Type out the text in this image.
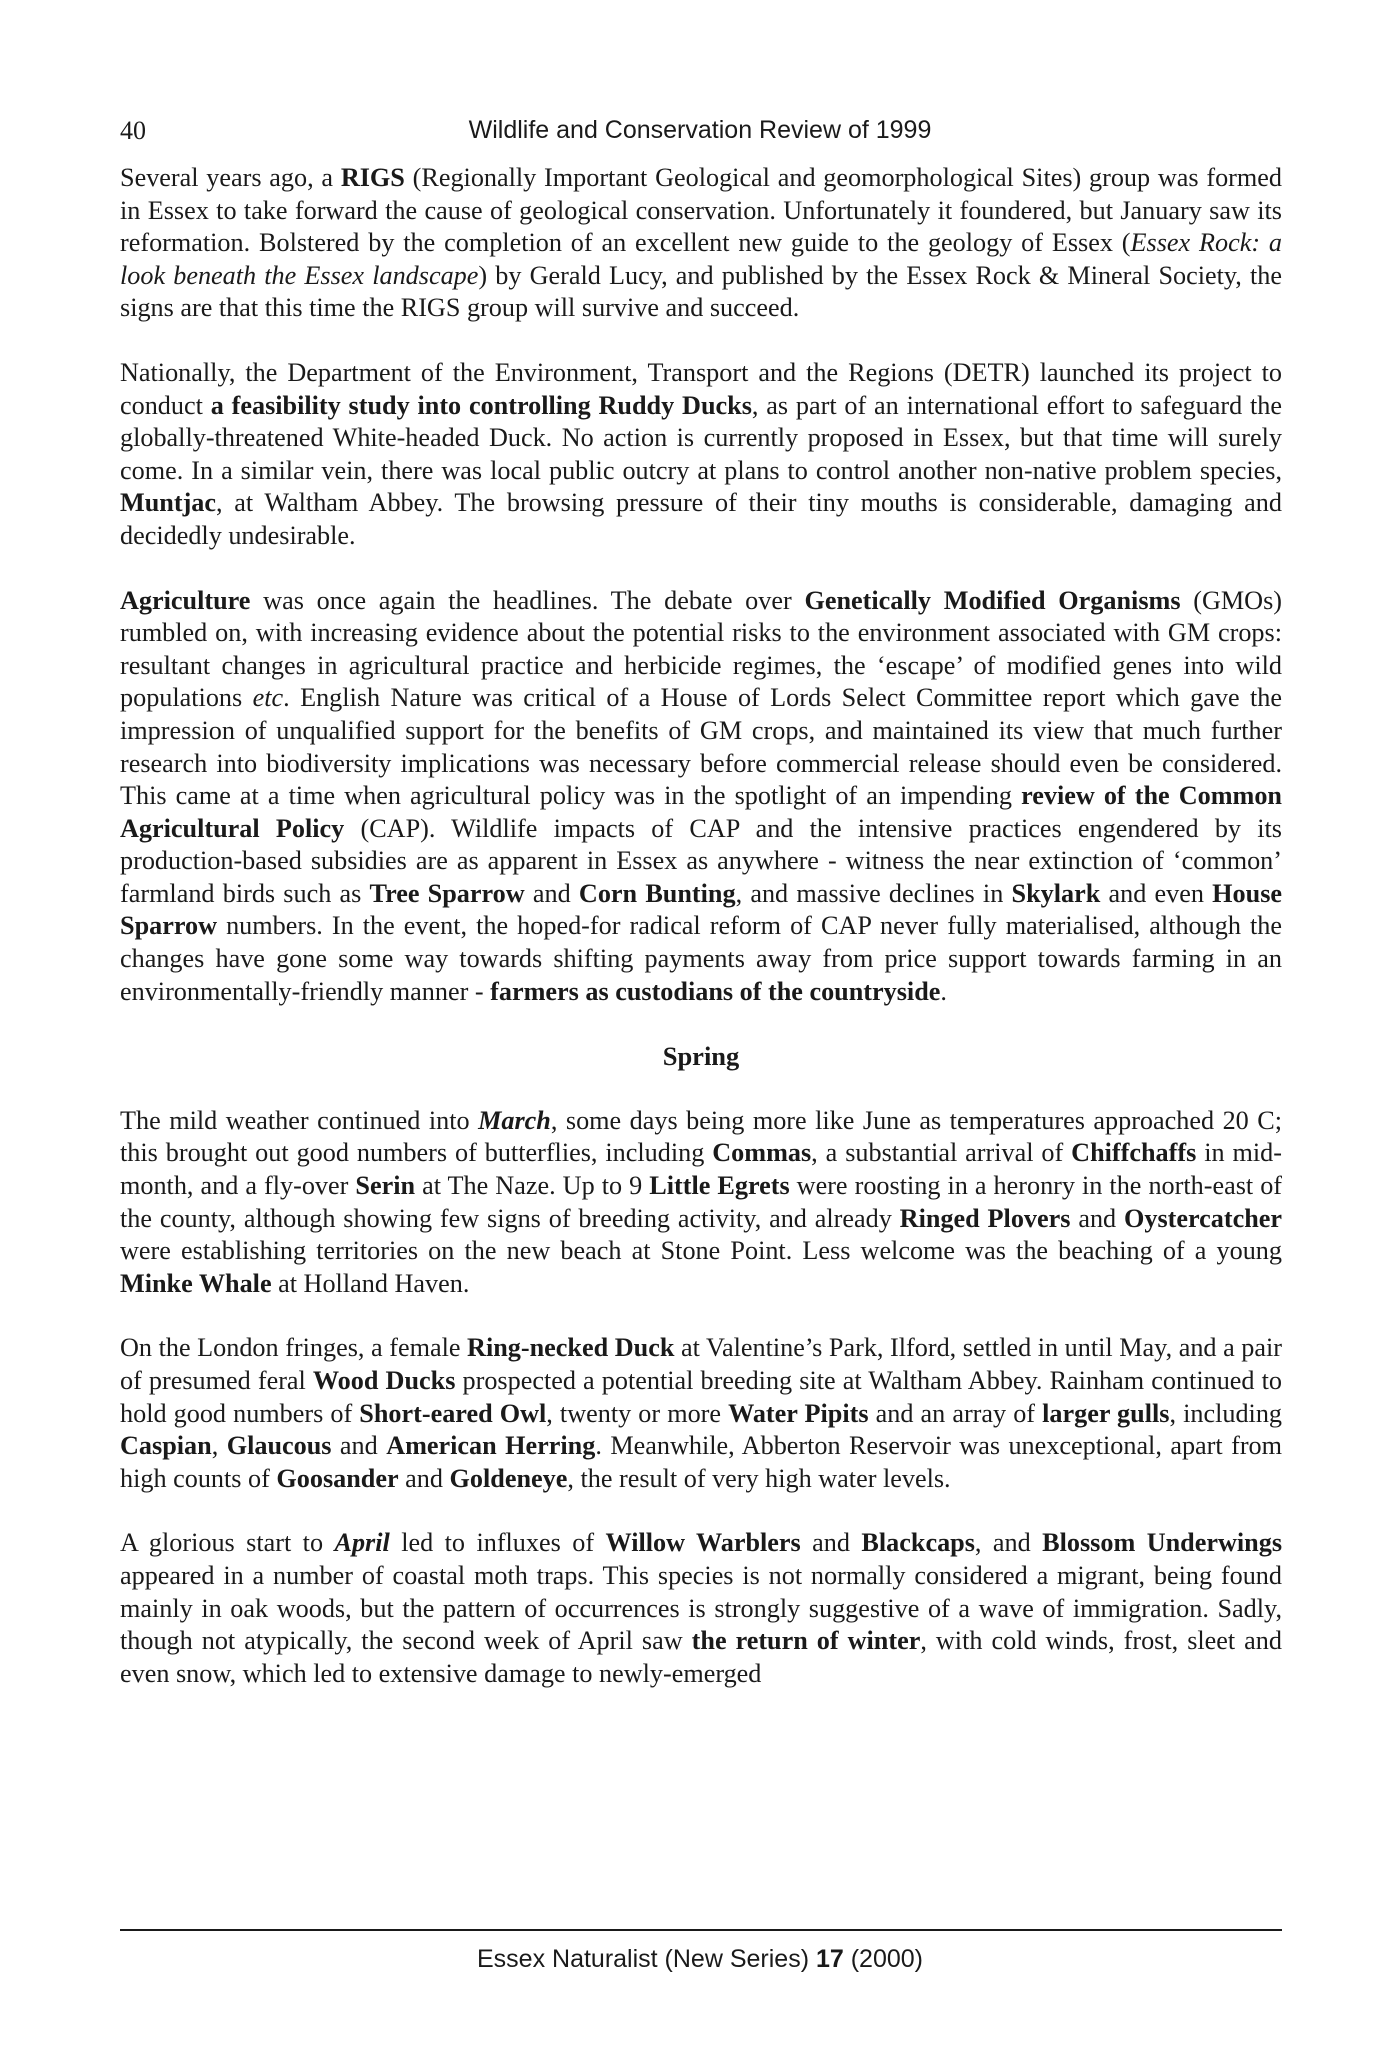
40	Wildlife and Conservation Review of 1999

Several years ago, a RIGS (Regionally Important Geological and geomorphological Sites) group was formed in Essex to take forward the cause of geological conservation. Unfortunately it foundered, but January saw its reformation. Bolstered by the completion of an excellent new guide to the geology of Essex (Essex Rock: a look beneath the Essex landscape) by Gerald Lucy, and published by the Essex Rock & Mineral Society, the signs are that this time the RIGS group will survive and succeed.

Nationally, the Department of the Environment, Transport and the Regions (DETR) launched its project to conduct a feasibility study into controlling Ruddy Ducks, as part of an international effort to safeguard the globally-threatened White-headed Duck. No action is currently proposed in Essex, but that time will surely come. In a similar vein, there was local public outcry at plans to control another non-native problem species, Muntjac, at Waltham Abbey. The browsing pressure of their tiny mouths is considerable, damaging and decidedly undesirable.

Agriculture was once again the headlines. The debate over Genetically Modified Organisms (GMOs) rumbled on, with increasing evidence about the potential risks to the environment associated with GM crops: resultant changes in agricultural practice and herbicide regimes, the ‘escape’ of modified genes into wild populations etc. English Nature was critical of a House of Lords Select Committee report which gave the impression of unqualified support for the benefits of GM crops, and maintained its view that much further research into biodiversity implications was necessary before commercial release should even be considered. This came at a time when agricultural policy was in the spotlight of an impending review of the Common Agricultural Policy (CAP). Wildlife impacts of CAP and the intensive practices engendered by its production-based subsidies are as apparent in Essex as anywhere - witness the near extinction of ‘common’ farmland birds such as Tree Sparrow and Corn Bunting, and massive declines in Skylark and even House Sparrow numbers. In the event, the hoped-for radical reform of CAP never fully materialised, although the changes have gone some way towards shifting payments away from price support towards farming in an environmentally-friendly manner - farmers as custodians of the countryside.

Spring

The mild weather continued into March, some days being more like June as temperatures approached 20 C; this brought out good numbers of butterflies, including Commas, a substantial arrival of Chiffchaffs in mid-month, and a fly-over Serin at The Naze. Up to 9 Little Egrets were roosting in a heronry in the north-east of the county, although showing few signs of breeding activity, and already Ringed Plovers and Oystercatcher were establishing territories on the new beach at Stone Point. Less welcome was the beaching of a young Minke Whale at Holland Haven.

On the London fringes, a female Ring-necked Duck at Valentine’s Park, Ilford, settled in until May, and a pair of presumed feral Wood Ducks prospected a potential breeding site at Waltham Abbey. Rainham continued to hold good numbers of Short-eared Owl, twenty or more Water Pipits and an array of larger gulls, including Caspian, Glaucous and American Herring. Meanwhile, Abberton Reservoir was unexceptional, apart from high counts of Goosander and Goldeneye, the result of very high water levels.

A glorious start to April led to influxes of Willow Warblers and Blackcaps, and Blossom Underwings appeared in a number of coastal moth traps. This species is not normally considered a migrant, being found mainly in oak woods, but the pattern of occurrences is strongly suggestive of a wave of immigration. Sadly, though not atypically, the second week of April saw the return of winter, with cold winds, frost, sleet and even snow, which led to extensive damage to newly-emerged

Essex Naturalist (New Series) 17 (2000)
